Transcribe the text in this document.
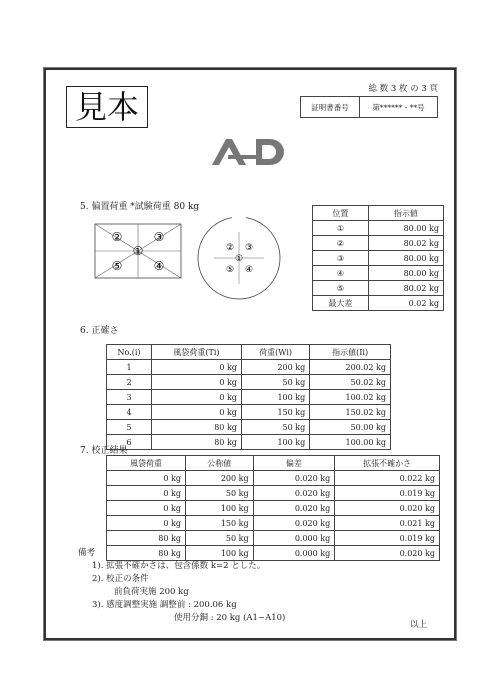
見本	総 数 3 枚 の 3 頁
証明書番号	第****** - **号
A&D
5. 偏置荷重 *試験荷重 80 kg
②	③
①
⑤	④
② ③
①
⑤ ④
位置	指示値
①	80.00 kg
②	80.02 kg
③	80.00 kg
④	80.00 kg
⑤	80.02 kg
最大差	0.02 kg
6. 正確さ
No.(i)	風袋荷重(Ti)	荷重(Wi)	指示値(Ii)
1	0 kg	200 kg	200.02 kg
2	0 kg	50 kg	50.02 kg
3	0 kg	100 kg	100.02 kg
4	0 kg	150 kg	150.02 kg
5	80 kg	50 kg	50.00 kg
6	80 kg	100 kg	100.00 kg
7. 校正結果
風袋荷重	公称値	偏差	拡張不確かさ
0 kg	200 kg	0.020 kg	0.022 kg
0 kg	50 kg	0.020 kg	0.019 kg
0 kg	100 kg	0.020 kg	0.020 kg
0 kg	150 kg	0.020 kg	0.021 kg
80 kg	50 kg	0.000 kg	0.019 kg
80 kg	100 kg	0.000 kg	0.020 kg
備考
1). 拡張不確かさは、包含係数 k=2 とした。
2). 校正の条件
前負荷実施 200 kg
3). 感度調整実施 調整前 : 200.06 kg
使用分銅 : 20 kg (A1~A10)
以上
